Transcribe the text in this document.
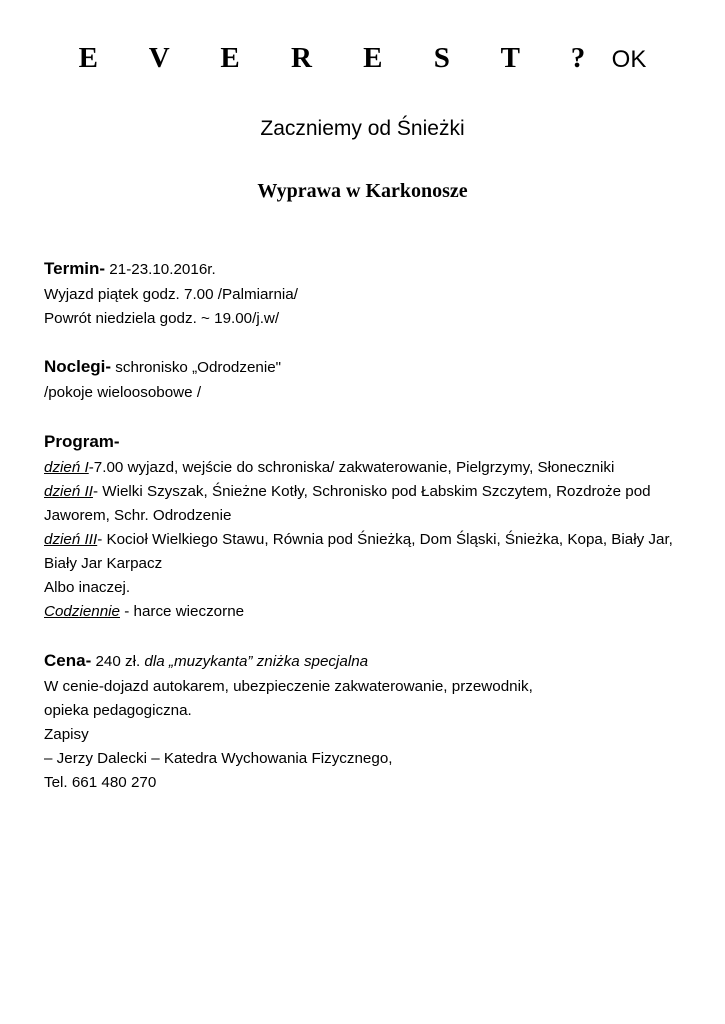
E V E R E S T ? OK
Zaczniemy od Śnieżki
Wyprawa w Karkonosze
Termin- 21-23.10.2016r.
Wyjazd piątek godz. 7.00 /Palmiarnia/
Powrót niedziela godz. ~ 19.00/j.w/
Noclegi- schronisko „Odrodzenie"
/pokoje wieloosobowe /
Program-
dzień I-7.00 wyjazd, wejście do schroniska/ zakwaterowanie, Pielgrzymy, Słoneczniki
dzień II- Wielki Szyszak, Śnieżne Kotły, Schronisko pod Łabskim Szczytem, Rozdroże pod
Jaworem, Schr. Odrodzenie
dzień III- Kocioł Wielkiego Stawu, Równia pod Śnieżką, Dom Śląski, Śnieżka, Kopa, Biały Jar,
Biały Jar Karpacz
Albo inaczej.
Codziennie - harce wieczorne
Cena- 240 zł. dla „muzykanta” zniżka specjalna
W cenie-dojazd autokarem, ubezpieczenie zakwaterowanie, przewodnik,
opieka pedagogiczna.
Zapisy
– Jerzy Dalecki – Katedra Wychowania Fizycznego,
Tel. 661 480 270
